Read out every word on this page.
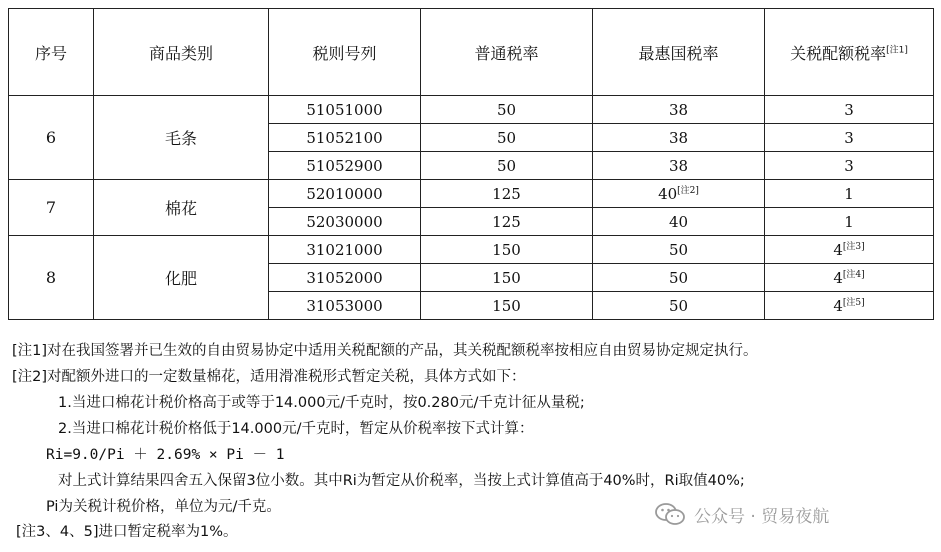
序号	商品类别	税则号列	普通税率	最惠国税率	关税配额税率[注1]
6	毛条	51051000	50	38	3
		51052100	50	38	3
		51052900	50	38	3
7	棉花	52010000	125	40[注2]	1
		52030000	125	40	1
8	化肥	31021000	150	50	4[注3]
		31052000	150	50	4[注4]
		31053000	150	50	4[注5]
[注1]对在我国签署并已生效的自由贸易协定中适用关税配额的产品，其关税配额税率按相应自由贸易协定规定执行。
[注2]对配额外进口的一定数量棉花，适用滑准税形式暂定关税，具体方式如下：
1.当进口棉花计税价格高于或等于14.000元/千克时，按0.280元/千克计征从量税;
2.当进口棉花计税价格低于14.000元/千克时，暂定从价税率按下式计算：
Ri=9.0/Pi ＋ 2.69% × Pi － 1
对上式计算结果四舍五入保留3位小数。其中Ri为暂定从价税率，当按上式计算值高于40%时，Ri取值40%;
Pi为关税计税价格，单位为元/千克。
[注3、4、5]进口暂定税率为1%。
公众号 · 贸易夜航
